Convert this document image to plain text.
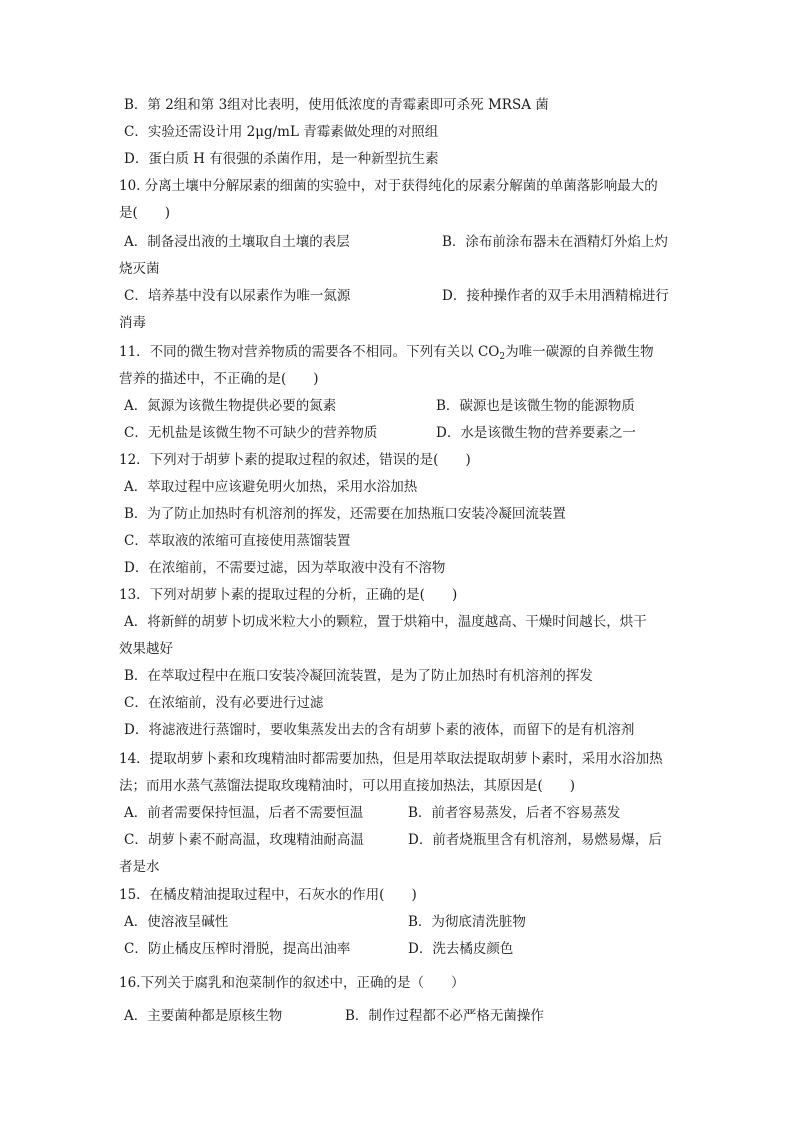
B．第 2组和第 3组对比表明，使用低浓度的青霉素即可杀死 MRSA 菌
C．实验还需设计用 2μg/mL 青霉素做处理的对照组
D．蛋白质 H 有很强的杀菌作用，是一种新型抗生素
10. 分离土壤中分解尿素的细菌的实验中，对于获得纯化的尿素分解菌的单菌落影响最大的
是(　　)
A．制备浸出液的土壤取自土壤的表层	B．涂布前涂布器未在酒精灯外焰上灼
烧灭菌
C．培养基中没有以尿素作为唯一氮源	D．接种操作者的双手未用酒精棉进行
消毒
11．不同的微生物对营养物质的需要各不相同。下列有关以 $CO_2$为唯一碳源的自养微生物
营养的描述中，不正确的是(　　)
A．氮源为该微生物提供必要的氮素	B．碳源也是该微生物的能源物质
C．无机盐是该微生物不可缺少的营养物质	D．水是该微生物的营养要素之一
12．下列对于胡萝卜素的提取过程的叙述，错误的是(　　)
A．萃取过程中应该避免明火加热，采用水浴加热
B．为了防止加热时有机溶剂的挥发，还需要在加热瓶口安装冷凝回流装置
C．萃取液的浓缩可直接使用蒸馏装置
D．在浓缩前，不需要过滤，因为萃取液中没有不溶物
13．下列对胡萝卜素的提取过程的分析，正确的是(　　)
A．将新鲜的胡萝卜切成米粒大小的颗粒，置于烘箱中，温度越高、干燥时间越长，烘干
效果越好
B．在萃取过程中在瓶口安装冷凝回流装置，是为了防止加热时有机溶剂的挥发
C．在浓缩前，没有必要进行过滤
D．将滤液进行蒸馏时，要收集蒸发出去的含有胡萝卜素的液体，而留下的是有机溶剂
14．提取胡萝卜素和玫瑰精油时都需要加热，但是用萃取法提取胡萝卜素时，采用水浴加热
法；而用水蒸气蒸馏法提取玫瑰精油时，可以用直接加热法，其原因是(　　)
A．前者需要保持恒温，后者不需要恒温	B．前者容易蒸发，后者不容易蒸发
C．胡萝卜素不耐高温，玫瑰精油耐高温	D．前者烧瓶里含有机溶剂，易燃易爆，后
者是水
15．在橘皮精油提取过程中，石灰水的作用(　　)
A．使溶液呈碱性	B．为彻底清洗脏物
C．防止橘皮压榨时滑脱，提高出油率	D．洗去橘皮颜色
16.下列关于腐乳和泡菜制作的叙述中，正确的是（　　）
A．主要菌种都是原核生物	B．制作过程都不必严格无菌操作
